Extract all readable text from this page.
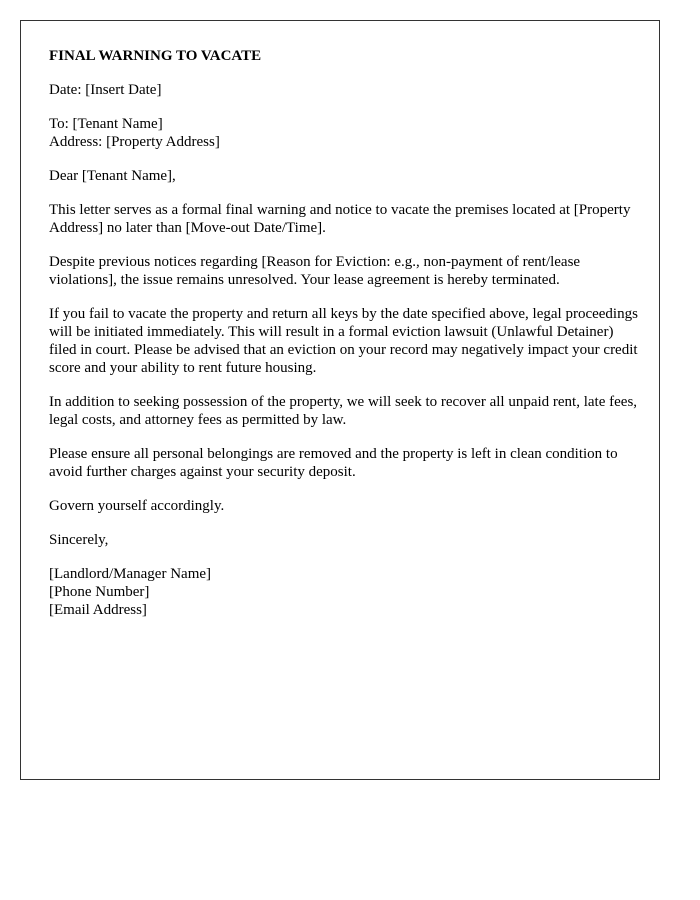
FINAL WARNING TO VACATE
Date: [Insert Date]
To: [Tenant Name]
Address: [Property Address]
Dear [Tenant Name],
This letter serves as a formal final warning and notice to vacate the premises located at [Property Address] no later than [Move-out Date/Time].
Despite previous notices regarding [Reason for Eviction: e.g., non-payment of rent/lease violations], the issue remains unresolved. Your lease agreement is hereby terminated.
If you fail to vacate the property and return all keys by the date specified above, legal proceedings will be initiated immediately. This will result in a formal eviction lawsuit (Unlawful Detainer) filed in court. Please be advised that an eviction on your record may negatively impact your credit score and your ability to rent future housing.
In addition to seeking possession of the property, we will seek to recover all unpaid rent, late fees, legal costs, and attorney fees as permitted by law.
Please ensure all personal belongings are removed and the property is left in clean condition to avoid further charges against your security deposit.
Govern yourself accordingly.
Sincerely,
[Landlord/Manager Name]
[Phone Number]
[Email Address]
